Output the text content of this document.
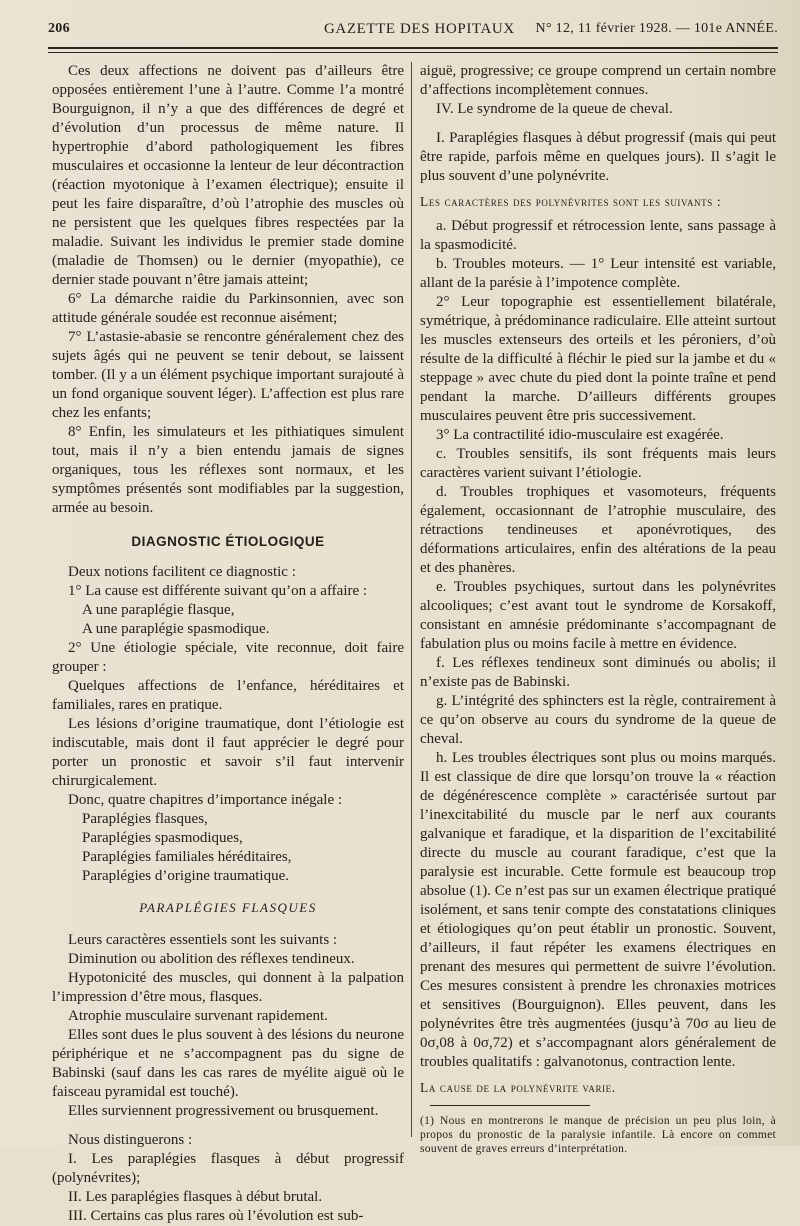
206	GAZETTE DES HOPITAUX N° 12, 11 février 1928. — 101e ANNÉE.

Ces deux affections ne doivent pas d’ailleurs être opposées entièrement l’une à l’autre. Comme l’a montré Bourguignon, il n’y a que des différences de degré et d’évolution d’un processus de même nature. Il hypertrophie d’abord pathologiquement les fibres musculaires et occasionne la lenteur de leur décontraction (réaction myotonique à l’examen électrique); ensuite il peut les faire disparaître, d’où l’atrophie des muscles où ne persistent que les quelques fibres respectées par la maladie. Suivant les individus le premier stade domine (maladie de Thomsen) ou le dernier (myopathie), ce dernier stade pouvant n’être jamais atteint;

6° La démarche raidie du Parkinsonnien, avec son attitude générale soudée est reconnue aisément;

7° L’astasie-abasie se rencontre généralement chez des sujets âgés qui ne peuvent se tenir debout, se laissent tomber. (Il y a un élément psychique important surajouté à un fond organique souvent léger). L’affection est plus rare chez les enfants;

8° Enfin, les simulateurs et les pithiatiques simulent tout, mais il n’y a bien entendu jamais de signes organiques, tous les réflexes sont normaux, et les symptômes présentés sont modifiables par la suggestion, armée au besoin.

DIAGNOSTIC ÉTIOLOGIQUE

Deux notions facilitent ce diagnostic :

1° La cause est différente suivant qu’on a affaire :

A une paraplégie flasque,

A une paraplégie spasmodique.

2° Une étiologie spéciale, vite reconnue, doit faire grouper :

Quelques affections de l’enfance, héréditaires et familiales, rares en pratique.

Les lésions d’origine traumatique, dont l’étiologie est indiscutable, mais dont il faut apprécier le degré pour porter un pronostic et savoir s’il faut intervenir chirurgicalement.

Donc, quatre chapitres d’importance inégale :

Paraplégies flasques,

Paraplégies spasmodiques,

Paraplégies familiales héréditaires,

Paraplégies d’origine traumatique.

PARAPLÉGIES FLASQUES

Leurs caractères essentiels sont les suivants :

Diminution ou abolition des réflexes tendineux.

Hypotonicité des muscles, qui donnent à la palpation l’impression d’être mous, flasques.

Atrophie musculaire survenant rapidement.

Elles sont dues le plus souvent à des lésions du neurone périphérique et ne s’accompagnent pas du signe de Babinski (sauf dans les cas rares de myélite aiguë où le faisceau pyramidal est touché).

Elles surviennent progressivement ou brusquement.

Nous distinguerons :

I. Les paraplégies flasques à début progressif (polynévrites);

II. Les paraplégies flasques à début brutal.

III. Certains cas plus rares où l’évolution est sub-

aiguë, progressive; ce groupe comprend un certain nombre d’affections incomplètement connues.

IV. Le syndrome de la queue de cheval.

I. Paraplégies flasques à début progressif (mais qui peut être rapide, parfois même en quelques jours). Il s’agit le plus souvent d’une polynévrite.

Les caractères des polynévrites sont les suivants :

a. Début progressif et rétrocession lente, sans passage à la spasmodicité.

b. Troubles moteurs. — 1° Leur intensité est variable, allant de la parésie à l’impotence complète.

2° Leur topographie est essentiellement bilatérale, symétrique, à prédominance radiculaire. Elle atteint surtout les muscles extenseurs des orteils et les péroniers, d’où résulte de la difficulté à fléchir le pied sur la jambe et du « steppage » avec chute du pied dont la pointe traîne et pend pendant la marche. D’ailleurs différents groupes musculaires peuvent être pris successivement.

3° La contractilité idio-musculaire est exagérée.

c. Troubles sensitifs, ils sont fréquents mais leurs caractères varient suivant l’étiologie.

d. Troubles trophiques et vasomoteurs, fréquents également, occasionnant de l’atrophie musculaire, des rétractions tendineuses et aponévrotiques, des déformations articulaires, enfin des altérations de la peau et des phanères.

e. Troubles psychiques, surtout dans les polynévrites alcooliques; c’est avant tout le syndrome de Korsakoff, consistant en amnésie prédominante s’accompagnant de fabulation plus ou moins facile à mettre en évidence.

f. Les réflexes tendineux sont diminués ou abolis; il n’existe pas de Babinski.

g. L’intégrité des sphincters est la règle, contrairement à ce qu’on observe au cours du syndrome de la queue de cheval.

h. Les troubles électriques sont plus ou moins marqués. Il est classique de dire que lorsqu’on trouve la « réaction de dégénérescence complète » caractérisée surtout par l’inexcitabilité du muscle par le nerf aux courants galvanique et faradique, et la disparition de l’excitabilité directe du muscle au courant faradique, c’est que la paralysie est incurable. Cette formule est beaucoup trop absolue (1). Ce n’est pas sur un examen électrique pratiqué isolément, et sans tenir compte des constatations cliniques et étiologiques qu’on peut établir un pronostic. Souvent, d’ailleurs, il faut répéter les examens électriques en prenant des mesures qui permettent de suivre l’évolution. Ces mesures consistent à prendre les chronaxies motrices et sensitives (Bourguignon). Elles peuvent, dans les polynévrites être très augmentées (jusqu’à 70σ au lieu de 0σ,08 à 0σ,72) et s’accompagnant alors généralement de troubles qualitatifs : galvanotonus, contraction lente.

La cause de la polynévrite varie.

(1) Nous en montrerons le manque de précision un peu plus loin, à propos du pronostic de la paralysie infantile. Là encore on commet souvent de graves erreurs d’interprétation.
